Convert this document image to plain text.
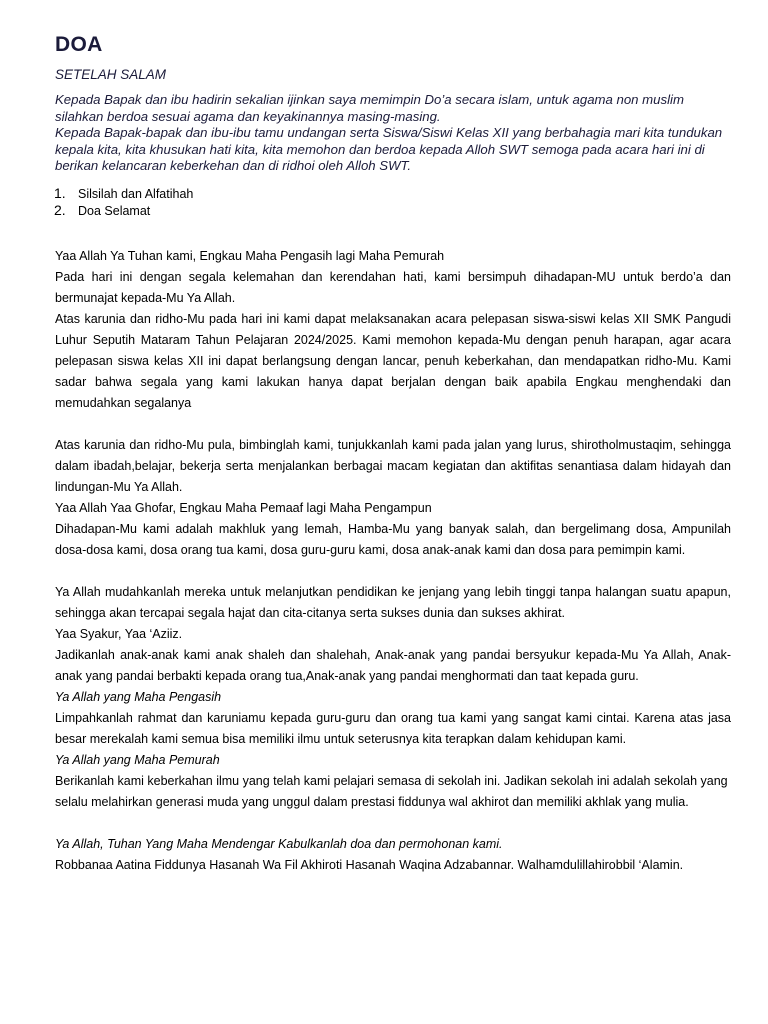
DOA
SETELAH SALAM

Kepada Bapak dan ibu hadirin sekalian ijinkan saya memimpin Do’a secara islam, untuk agama non muslim silahkan berdoa sesuai agama dan keyakinannya masing-masing.

Kepada Bapak-bapak dan ibu-ibu tamu undangan serta Siswa/Siswi Kelas XII yang berbahagia mari kita tundukan kepala kita, kita khusukan hati kita, kita memohon dan berdoa kepada Alloh SWT semoga pada acara hari ini di berikan kelancaran keberkehan dan di ridhoi oleh Alloh SWT.

1. Silsilah dan Alfatihah
2. Doa Selamat

Yaa Allah Ya Tuhan kami, Engkau Maha Pengasih lagi Maha Pemurah

Pada hari ini dengan segala kelemahan dan kerendahan hati, kami bersimpuh dihadapan-MU untuk berdo’a dan bermunajat kepada-Mu Ya Allah.

Atas karunia dan ridho-Mu pada hari ini kami dapat melaksanakan acara pelepasan siswa-siswi kelas XII SMK Pangudi Luhur Seputih Mataram Tahun Pelajaran 2024/2025. Kami memohon kepada-Mu dengan penuh harapan, agar acara pelepasan siswa kelas XII ini dapat berlangsung dengan lancar, penuh keberkahan, dan mendapatkan ridho-Mu. Kami sadar bahwa segala yang kami lakukan hanya dapat berjalan dengan baik apabila Engkau menghendaki dan memudahkan segalanya

Atas karunia dan ridho-Mu pula, bimbinglah kami, tunjukkanlah kami pada jalan yang lurus, shirotholmustaqim, sehingga dalam ibadah,belajar, bekerja serta menjalankan berbagai macam kegiatan dan aktifitas senantiasa dalam hidayah dan lindungan-Mu Ya Allah.

Yaa Allah Yaa Ghofar, Engkau Maha Pemaaf lagi Maha Pengampun

Dihadapan-Mu kami adalah makhluk yang lemah, Hamba-Mu yang banyak salah, dan bergelimang dosa, Ampunilah dosa-dosa kami, dosa orang tua kami, dosa guru-guru kami, dosa anak-anak kami dan dosa para pemimpin kami.

Ya Allah mudahkanlah mereka untuk melanjutkan pendidikan ke jenjang yang lebih tinggi tanpa halangan suatu apapun, sehingga akan tercapai segala hajat dan cita-citanya serta sukses dunia dan sukses akhirat.

Yaa Syakur, Yaa ‘Aziiz.

Jadikanlah anak-anak kami anak shaleh dan shalehah, Anak-anak yang pandai bersyukur kepada-Mu Ya Allah, Anak-anak yang pandai berbakti kepada orang tua,Anak-anak yang pandai menghormati dan taat kepada guru.

Ya Allah yang Maha Pengasih

Limpahkanlah rahmat dan karuniamu kepada guru-guru dan orang tua kami yang sangat kami cintai. Karena atas jasa besar merekalah kami semua bisa memiliki ilmu untuk seterusnya kita terapkan dalam kehidupan kami.

Ya Allah yang Maha Pemurah

Berikanlah kami keberkahan ilmu yang telah kami pelajari semasa di sekolah ini. Jadikan sekolah ini adalah sekolah yang selalu melahirkan generasi muda yang unggul dalam prestasi fiddunya wal akhirot dan memiliki akhlak yang mulia.

Ya Allah, Tuhan Yang Maha Mendengar Kabulkanlah doa dan permohonan kami.

Robbanaa Aatina Fiddunya Hasanah Wa Fil Akhiroti Hasanah Waqina Adzabannar. Walhamdulillahirobbil ‘Alamin.
